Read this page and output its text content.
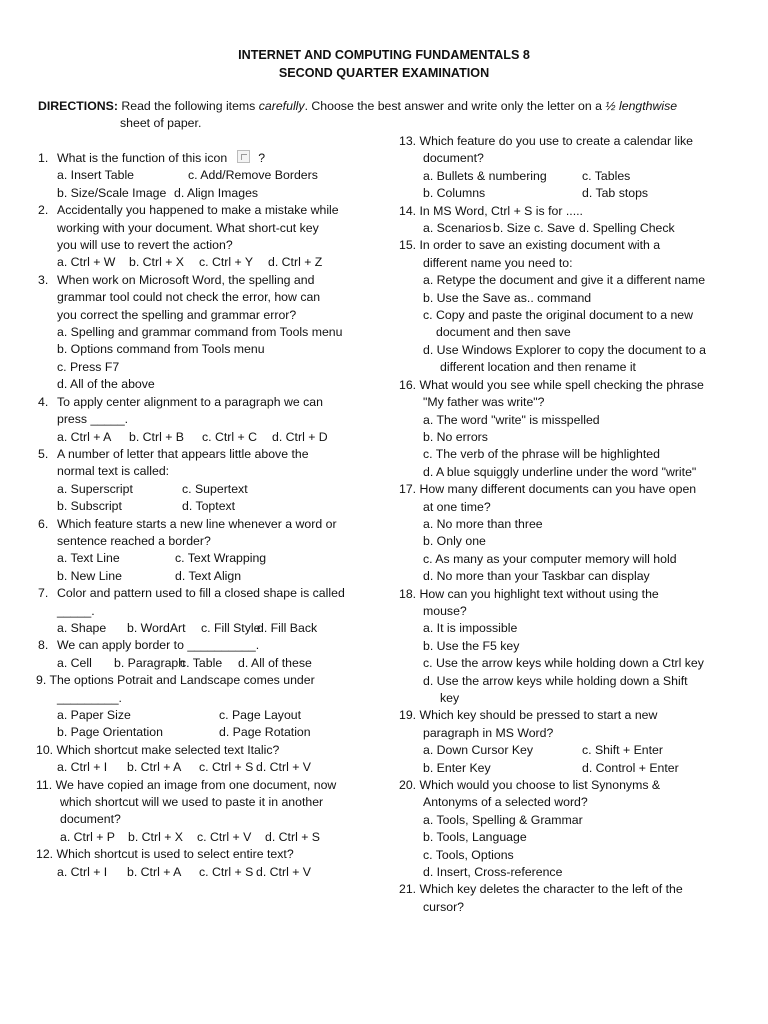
INTERNET AND COMPUTING FUNDAMENTALS 8
SECOND QUARTER EXAMINATION
DIRECTIONS: Read the following items carefully. Choose the best answer and write only the letter on a ½ lengthwise
sheet of paper.
1. What is the function of this icon	?
a. Insert Table	c. Add/Remove Borders
b. Size/Scale Image d. Align Images
2. Accidentally you happened to make a mistake while
working with your document. What short-cut key
you will use to revert the action?
a. Ctrl + W	b. Ctrl + X	c. Ctrl + Y	d. Ctrl + Z
3. When work on Microsoft Word, the spelling and
grammar tool could not check the error, how can
you correct the spelling and grammar error?
a. Spelling and grammar command from Tools menu
b. Options command from Tools menu
c. Press F7
d. All of the above
4. To apply center alignment to a paragraph we can
press _____.
a. Ctrl + A	b. Ctrl + B	c. Ctrl + C	d. Ctrl + D
5. A number of letter that appears little above the
normal text is called:
a. Superscript	c. Supertext
b. Subscript	d. Toptext
6. Which feature starts a new line whenever a word or
sentence reached a border?
a. Text Line	c. Text Wrapping
b. New Line	d. Text Align
7. Color and pattern used to fill a closed shape is called
_____.
a. Shape	b. WordArt	c. Fill Style
d. Fill Back
8. We can apply border to __________.
a. Cell	b. Paragraph
c. Table	d. All of these
9. The options Potrait and Landscape comes under
_________.
a. Paper Size	c. Page Layout
b. Page Orientation	d. Page Rotation
10. Which shortcut make selected text Italic?
a. Ctrl + I	b. Ctrl + A	c. Ctrl + S d. Ctrl + V
11. We have copied an image from one document, now
which shortcut will we used to paste it in another
document?
a. Ctrl + P	b. Ctrl + X	c. Ctrl + V	d. Ctrl + S
12. Which shortcut is used to select entire text?
a. Ctrl + I	b. Ctrl + A	c. Ctrl + S d. Ctrl + V
13. Which feature do you use to create a calendar like
document?
a. Bullets & numbering	c. Tables
b. Columns	d. Tab stops
14. In MS Word, Ctrl + S is for .....
a. Scenarios b. Size c. Save d. Spelling Check
15. In order to save an existing document with a
different name you need to:
a. Retype the document and give it a different name
b. Use the Save as.. command
c. Copy and paste the original document to a new
document and then save
d. Use Windows Explorer to copy the document to a
different location and then rename it
16. What would you see while spell checking the phrase
"My father was write"?
a. The word "write" is misspelled
b. No errors
c. The verb of the phrase will be highlighted
d. A blue squiggly underline under the word "write"
17. How many different documents can you have open
at one time?
a. No more than three
b. Only one
c. As many as your computer memory will hold
d. No more than your Taskbar can display
18. How can you highlight text without using the
mouse?
a. It is impossible
b. Use the F5 key
c. Use the arrow keys while holding down a Ctrl key
d. Use the arrow keys while holding down a Shift
key
19. Which key should be pressed to start a new
paragraph in MS Word?
a. Down Cursor Key	c. Shift + Enter
b. Enter Key	d. Control + Enter
20. Which would you choose to list Synonyms &
Antonyms of a selected word?
a. Tools, Spelling & Grammar
b. Tools, Language
c. Tools, Options
d. Insert, Cross-reference
21. Which key deletes the character to the left of the
cursor?
